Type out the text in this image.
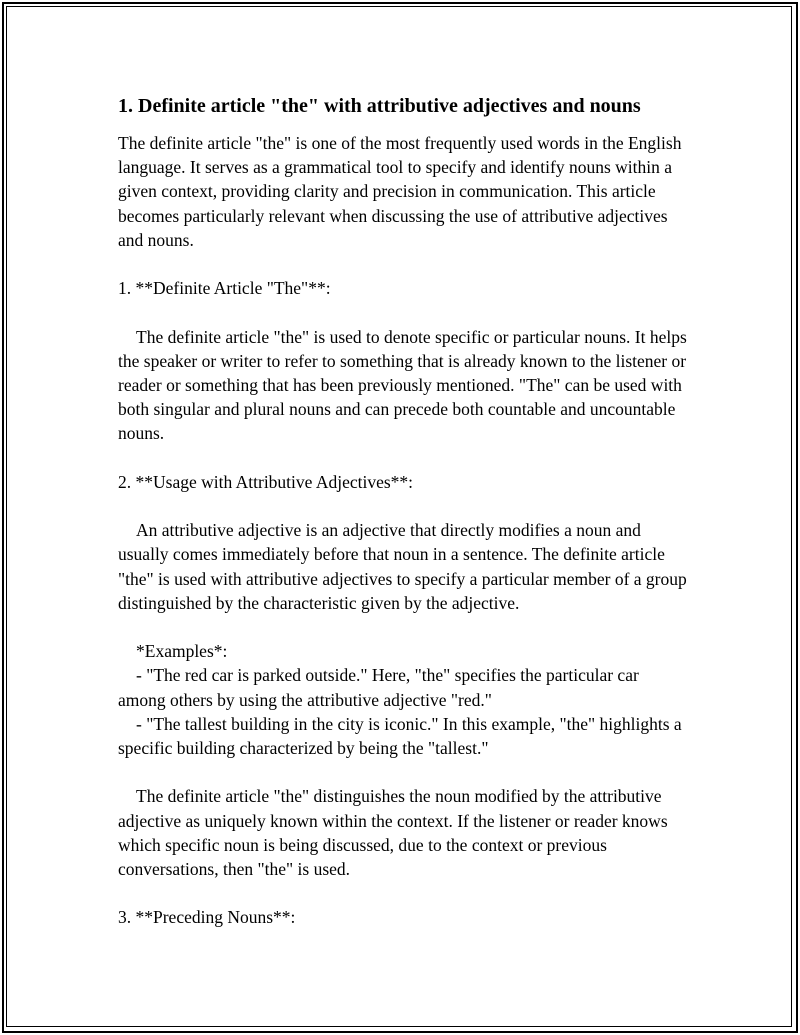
1. Definite article "the" with attributive adjectives and nouns

The definite article "the" is one of the most frequently used words in the English language. It serves as a grammatical tool to specify and identify nouns within a given context, providing clarity and precision in communication. This article becomes particularly relevant when discussing the use of attributive adjectives and nouns.

1. **Definite Article "The"**:

The definite article "the" is used to denote specific or particular nouns. It helps the speaker or writer to refer to something that is already known to the listener or reader or something that has been previously mentioned. "The" can be used with both singular and plural nouns and can precede both countable and uncountable nouns.

2. **Usage with Attributive Adjectives**:

An attributive adjective is an adjective that directly modifies a noun and usually comes immediately before that noun in a sentence. The definite article "the" is used with attributive adjectives to specify a particular member of a group distinguished by the characteristic given by the adjective.

*Examples*:

- "The red car is parked outside." Here, "the" specifies the particular car among others by using the attributive adjective "red."

- "The tallest building in the city is iconic." In this example, "the" highlights a specific building characterized by being the "tallest."

The definite article "the" distinguishes the noun modified by the attributive adjective as uniquely known within the context. If the listener or reader knows which specific noun is being discussed, due to the context or previous conversations, then "the" is used.

3. **Preceding Nouns**:
